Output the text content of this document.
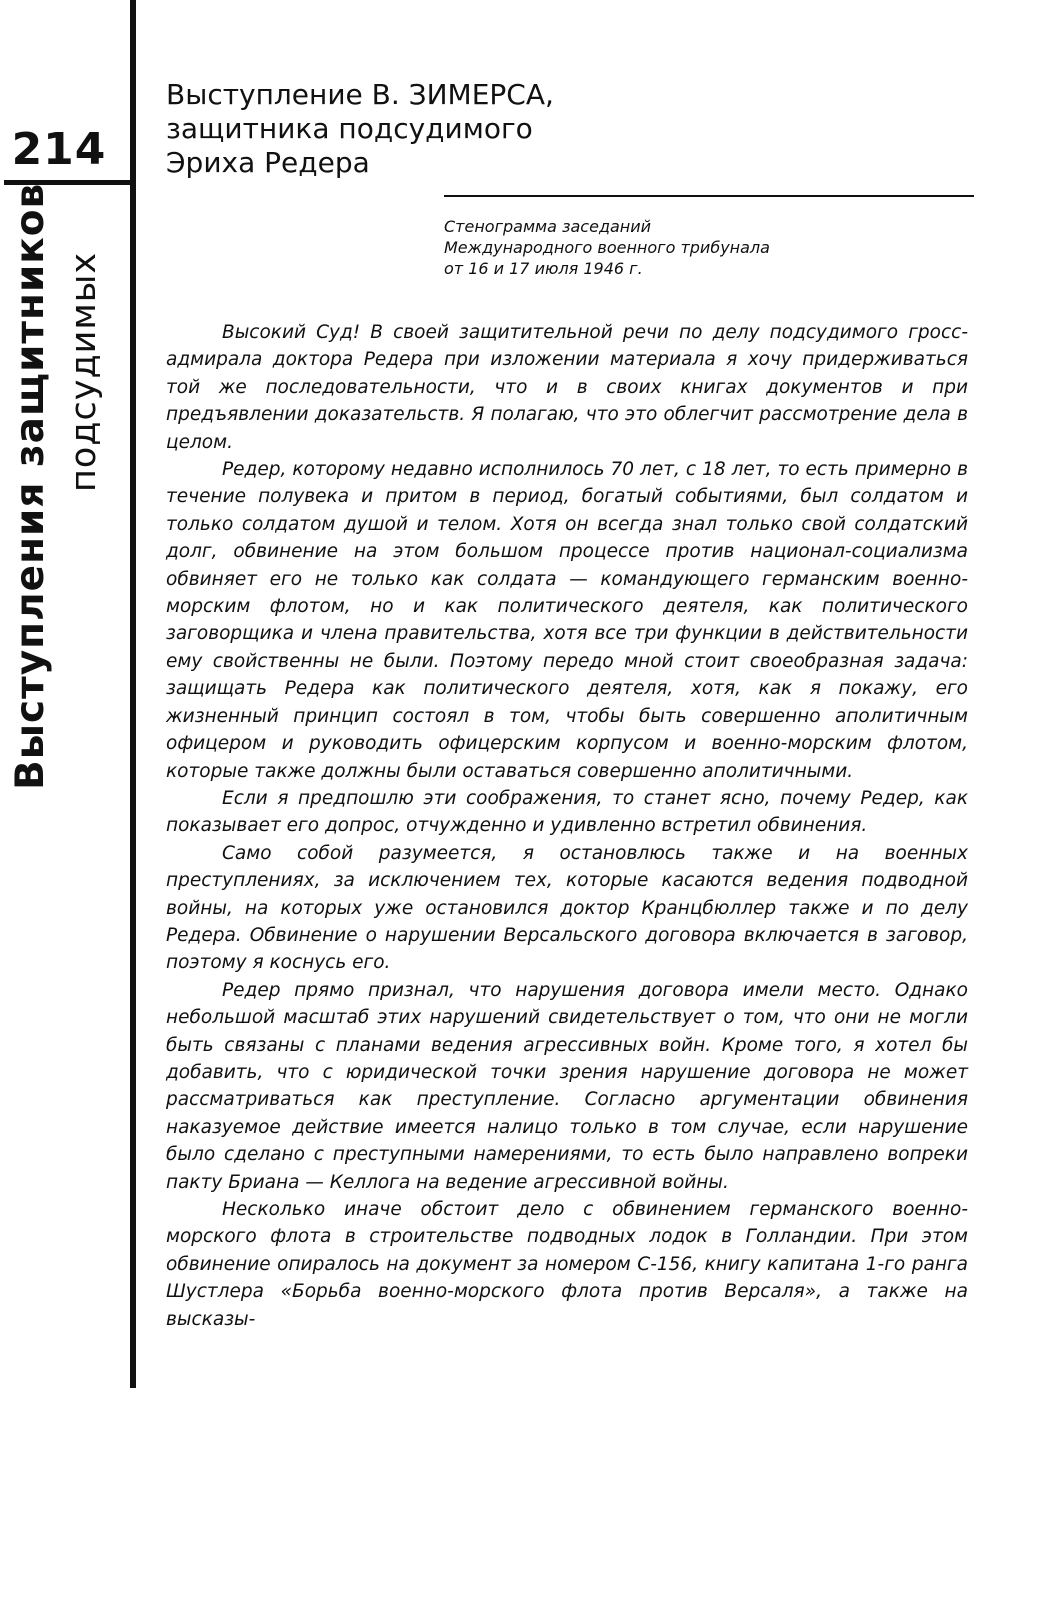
214
Выступления защитников подсудимых
Выступление В. ЗИМЕРСА,
защитника подсудимого
Эриха Редера
Стенограмма заседаний
Международного военного трибунала
от 16 и 17 июля 1946 г.

Высокий Суд! В своей защитительной речи по делу подсудимого гросс-адмирала доктора Редера при изложении материала я хочу придерживаться той же последовательности, что и в своих книгах документов и при предъявлении доказательств. Я полагаю, что это облегчит рассмотрение дела в целом.

Редер, которому недавно исполнилось 70 лет, с 18 лет, то есть примерно в течение полувека и притом в период, богатый событиями, был солдатом и только солдатом душой и телом. Хотя он всегда знал только свой солдатский долг, обвинение на этом большом процессе против национал-социализма обвиняет его не только как солдата — командующего германским военно-морским флотом, но и как политического деятеля, как политического заговорщика и члена правительства, хотя все три функции в действительности ему свойственны не были. Поэтому передо мной стоит своеобразная задача: защищать Редера как политического деятеля, хотя, как я покажу, его жизненный принцип состоял в том, чтобы быть совершенно аполитичным офицером и руководить офицерским корпусом и военно-морским флотом, которые также должны были оставаться совершенно аполитичными.

Если я предпошлю эти соображения, то станет ясно, почему Редер, как показывает его допрос, отчужденно и удивленно встретил обвинения.

Само собой разумеется, я остановлюсь также и на военных преступлениях, за исключением тех, которые касаются ведения подводной войны, на которых уже остановился доктор Кранцбюллер также и по делу Редера. Обвинение о нарушении Версальского договора включается в заговор, поэтому я коснусь его.

Редер прямо признал, что нарушения договора имели место. Однако небольшой масштаб этих нарушений свидетельствует о том, что они не могли быть связаны с планами ведения агрессивных войн. Кроме того, я хотел бы добавить, что с юридической точки зрения нарушение договора не может рассматриваться как преступление. Согласно аргументации обвинения наказуемое действие имеется налицо только в том случае, если нарушение было сделано с преступными намерениями, то есть было направлено вопреки пакту Бриана — Келлога на ведение агрессивной войны.

Несколько иначе обстоит дело с обвинением германского военно-морского флота в строительстве подводных лодок в Голландии. При этом обвинение опиралось на документ за номером С-156, книгу капитана 1-го ранга Шустлера «Борьба военно-морского флота против Версаля», а также на высказы-
